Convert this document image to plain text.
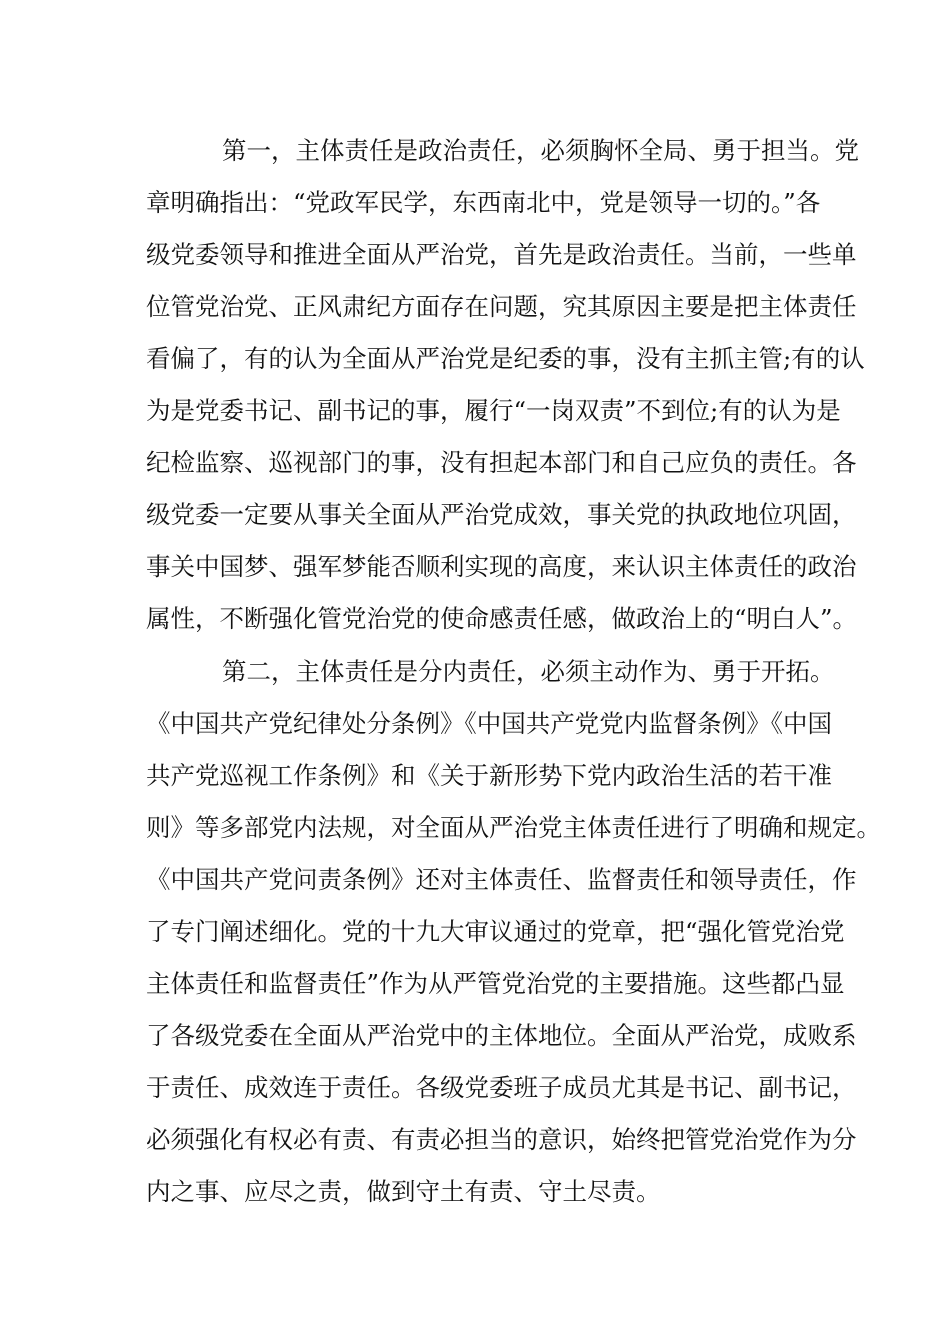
第一，主体责任是政治责任，必须胸怀全局、勇于担当。党
章明确指出：“党政军民学，东西南北中，党是领导一切的。”各
级党委领导和推进全面从严治党，首先是政治责任。当前，一些单
位管党治党、正风肃纪方面存在问题，究其原因主要是把主体责任
看偏了，有的认为全面从严治党是纪委的事，没有主抓主管;有的认
为是党委书记、副书记的事，履行“一岗双责”不到位;有的认为是
纪检监察、巡视部门的事，没有担起本部门和自己应负的责任。各
级党委一定要从事关全面从严治党成效，事关党的执政地位巩固，
事关中国梦、强军梦能否顺利实现的高度，来认识主体责任的政治
属性，不断强化管党治党的使命感责任感，做政治上的“明白人”。
第二，主体责任是分内责任，必须主动作为、勇于开拓。
《中国共产党纪律处分条例》《中国共产党党内监督条例》《中国
共产党巡视工作条例》和《关于新形势下党内政治生活的若干准
则》等多部党内法规，对全面从严治党主体责任进行了明确和规定。
《中国共产党问责条例》还对主体责任、监督责任和领导责任，作
了专门阐述细化。党的十九大审议通过的党章，把“强化管党治党
主体责任和监督责任”作为从严管党治党的主要措施。这些都凸显
了各级党委在全面从严治党中的主体地位。全面从严治党，成败系
于责任、成效连于责任。各级党委班子成员尤其是书记、副书记，
必须强化有权必有责、有责必担当的意识，始终把管党治党作为分
内之事、应尽之责，做到守土有责、守土尽责。
